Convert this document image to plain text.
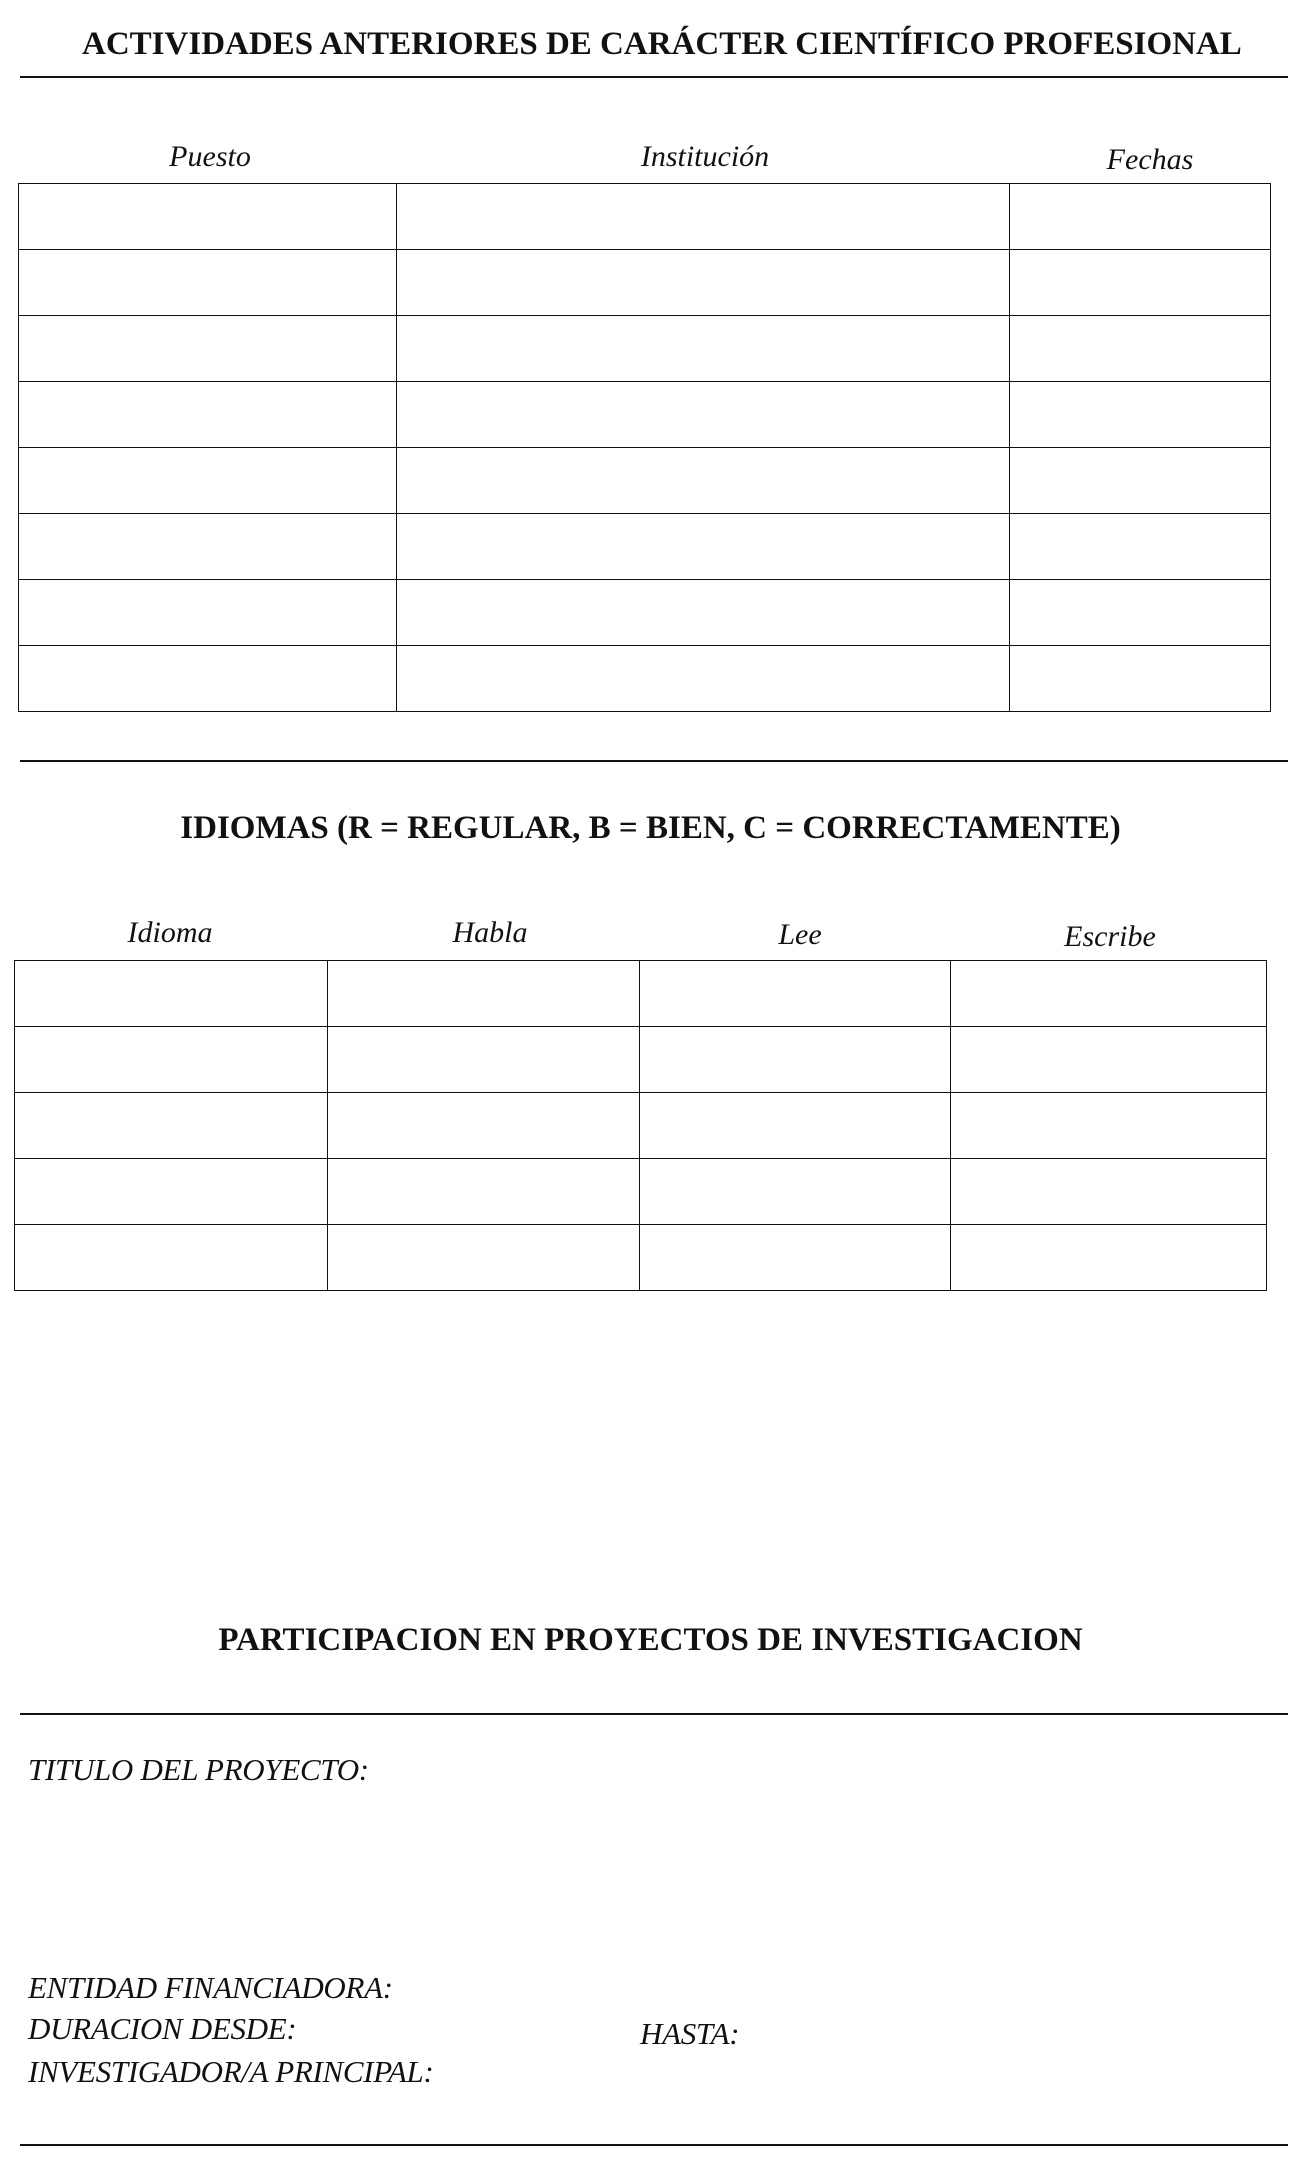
ACTIVIDADES ANTERIORES DE CARÁCTER CIENTÍFICO PROFESIONAL
Puesto	Institución	Fechas

IDIOMAS (R = REGULAR, B = BIEN, C = CORRECTAMENTE)
Idioma	Habla	Lee	Escribe

PARTICIPACION EN PROYECTOS DE INVESTIGACION
TITULO DEL PROYECTO:
ENTIDAD FINANCIADORA:
DURACION DESDE:	HASTA:
INVESTIGADOR/A PRINCIPAL:
